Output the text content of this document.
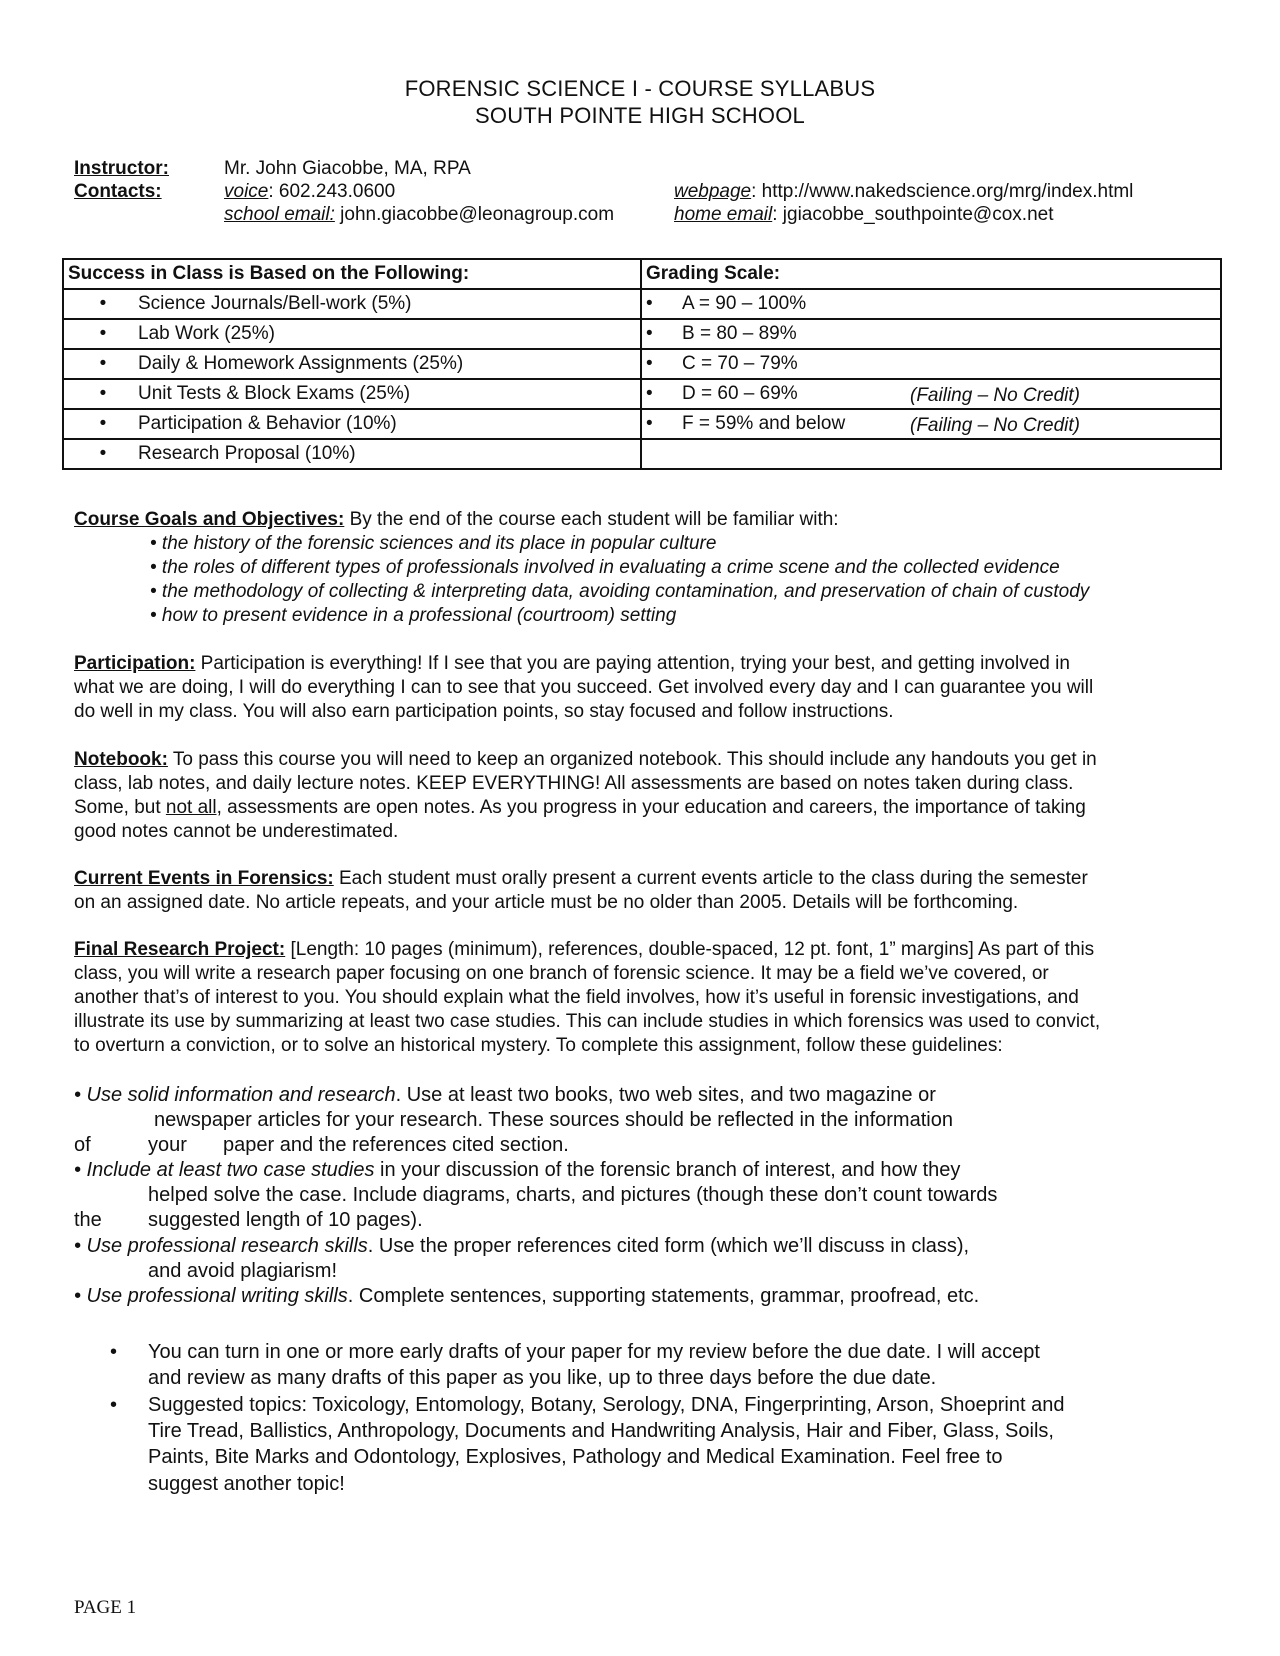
FORENSIC SCIENCE I - COURSE SYLLABUS
SOUTH POINTE HIGH SCHOOL
Instructor:	Mr. John Giacobbe, MA, RPA
Contacts:	voice: 602.243.0600	webpage: http://www.nakedscience.org/mrg/index.html
school email: john.giacobbe@leonagroup.com	home email: jgiacobbe_southpointe@cox.net
Success in Class is Based on the Following:	Grading Scale:
• Science Journals/Bell-work (5%)	• A = 90 – 100%
• Lab Work (25%)	• B = 80 – 89%
• Daily & Homework Assignments (25%)	• C = 70 – 79%
• Unit Tests & Block Exams (25%)	• D = 60 – 69% (Failing – No Credit)

• Participation & Behavior (10%)	• F = 59% and below (Failing – No Credit)

• Research Proposal (10%)	
Course Goals and Objectives: By the end of the course each student will be familiar with:
• the history of the forensic sciences and its place in popular culture
• the roles of different types of professionals involved in evaluating a crime scene and the collected evidence
• the methodology of collecting & interpreting data, avoiding contamination, and preservation of chain of custody
• how to present evidence in a professional (courtroom) setting
Participation: Participation is everything! If I see that you are paying attention, trying your best, and getting involved in
what we are doing, I will do everything I can to see that you succeed. Get involved every day and I can guarantee you will
do well in my class. You will also earn participation points, so stay focused and follow instructions.
Notebook: To pass this course you will need to keep an organized notebook. This should include any handouts you get in
class, lab notes, and daily lecture notes. KEEP EVERYTHING! All assessments are based on notes taken during class.
Some, but not all, assessments are open notes. As you progress in your education and careers, the importance of taking
good notes cannot be underestimated.
Current Events in Forensics: Each student must orally present a current events article to the class during the semester
on an assigned date. No article repeats, and your article must be no older than 2005. Details will be forthcoming.
Final Research Project: [Length: 10 pages (minimum), references, double-spaced, 12 pt. font, 1” margins] As part of this
class, you will write a research paper focusing on one branch of forensic science. It may be a field we’ve covered, or
another that’s of interest to you. You should explain what the field involves, how it’s useful in forensic investigations, and
illustrate its use by summarizing at least two case studies. This can include studies in which forensics was used to convict,
to overturn a conviction, or to solve an historical mystery. To complete this assignment, follow these guidelines:
• Use solid information and research. Use at least two books, two web sites, and two magazine or
newspaper articles for your research. These sources should be reflected in the information
of	your paper and the references cited section.
• Include at least two case studies in your discussion of the forensic branch of interest, and how they
helped solve the case. Include diagrams, charts, and pictures (though these don’t count towards
the suggested length of 10 pages).
• Use professional research skills. Use the proper references cited form (which we’ll discuss in class),
and avoid plagiarism!
• Use professional writing skills. Complete sentences, supporting statements, grammar, proofread, etc.
• You can turn in one or more early drafts of your paper for my review before the due date. I will accept
and review as many drafts of this paper as you like, up to three days before the due date.
• Suggested topics: Toxicology, Entomology, Botany, Serology, DNA, Fingerprinting, Arson, Shoeprint and
Tire Tread, Ballistics, Anthropology, Documents and Handwriting Analysis, Hair and Fiber, Glass, Soils,
Paints, Bite Marks and Odontology, Explosives, Pathology and Medical Examination. Feel free to
suggest another topic!
PAGE 1
